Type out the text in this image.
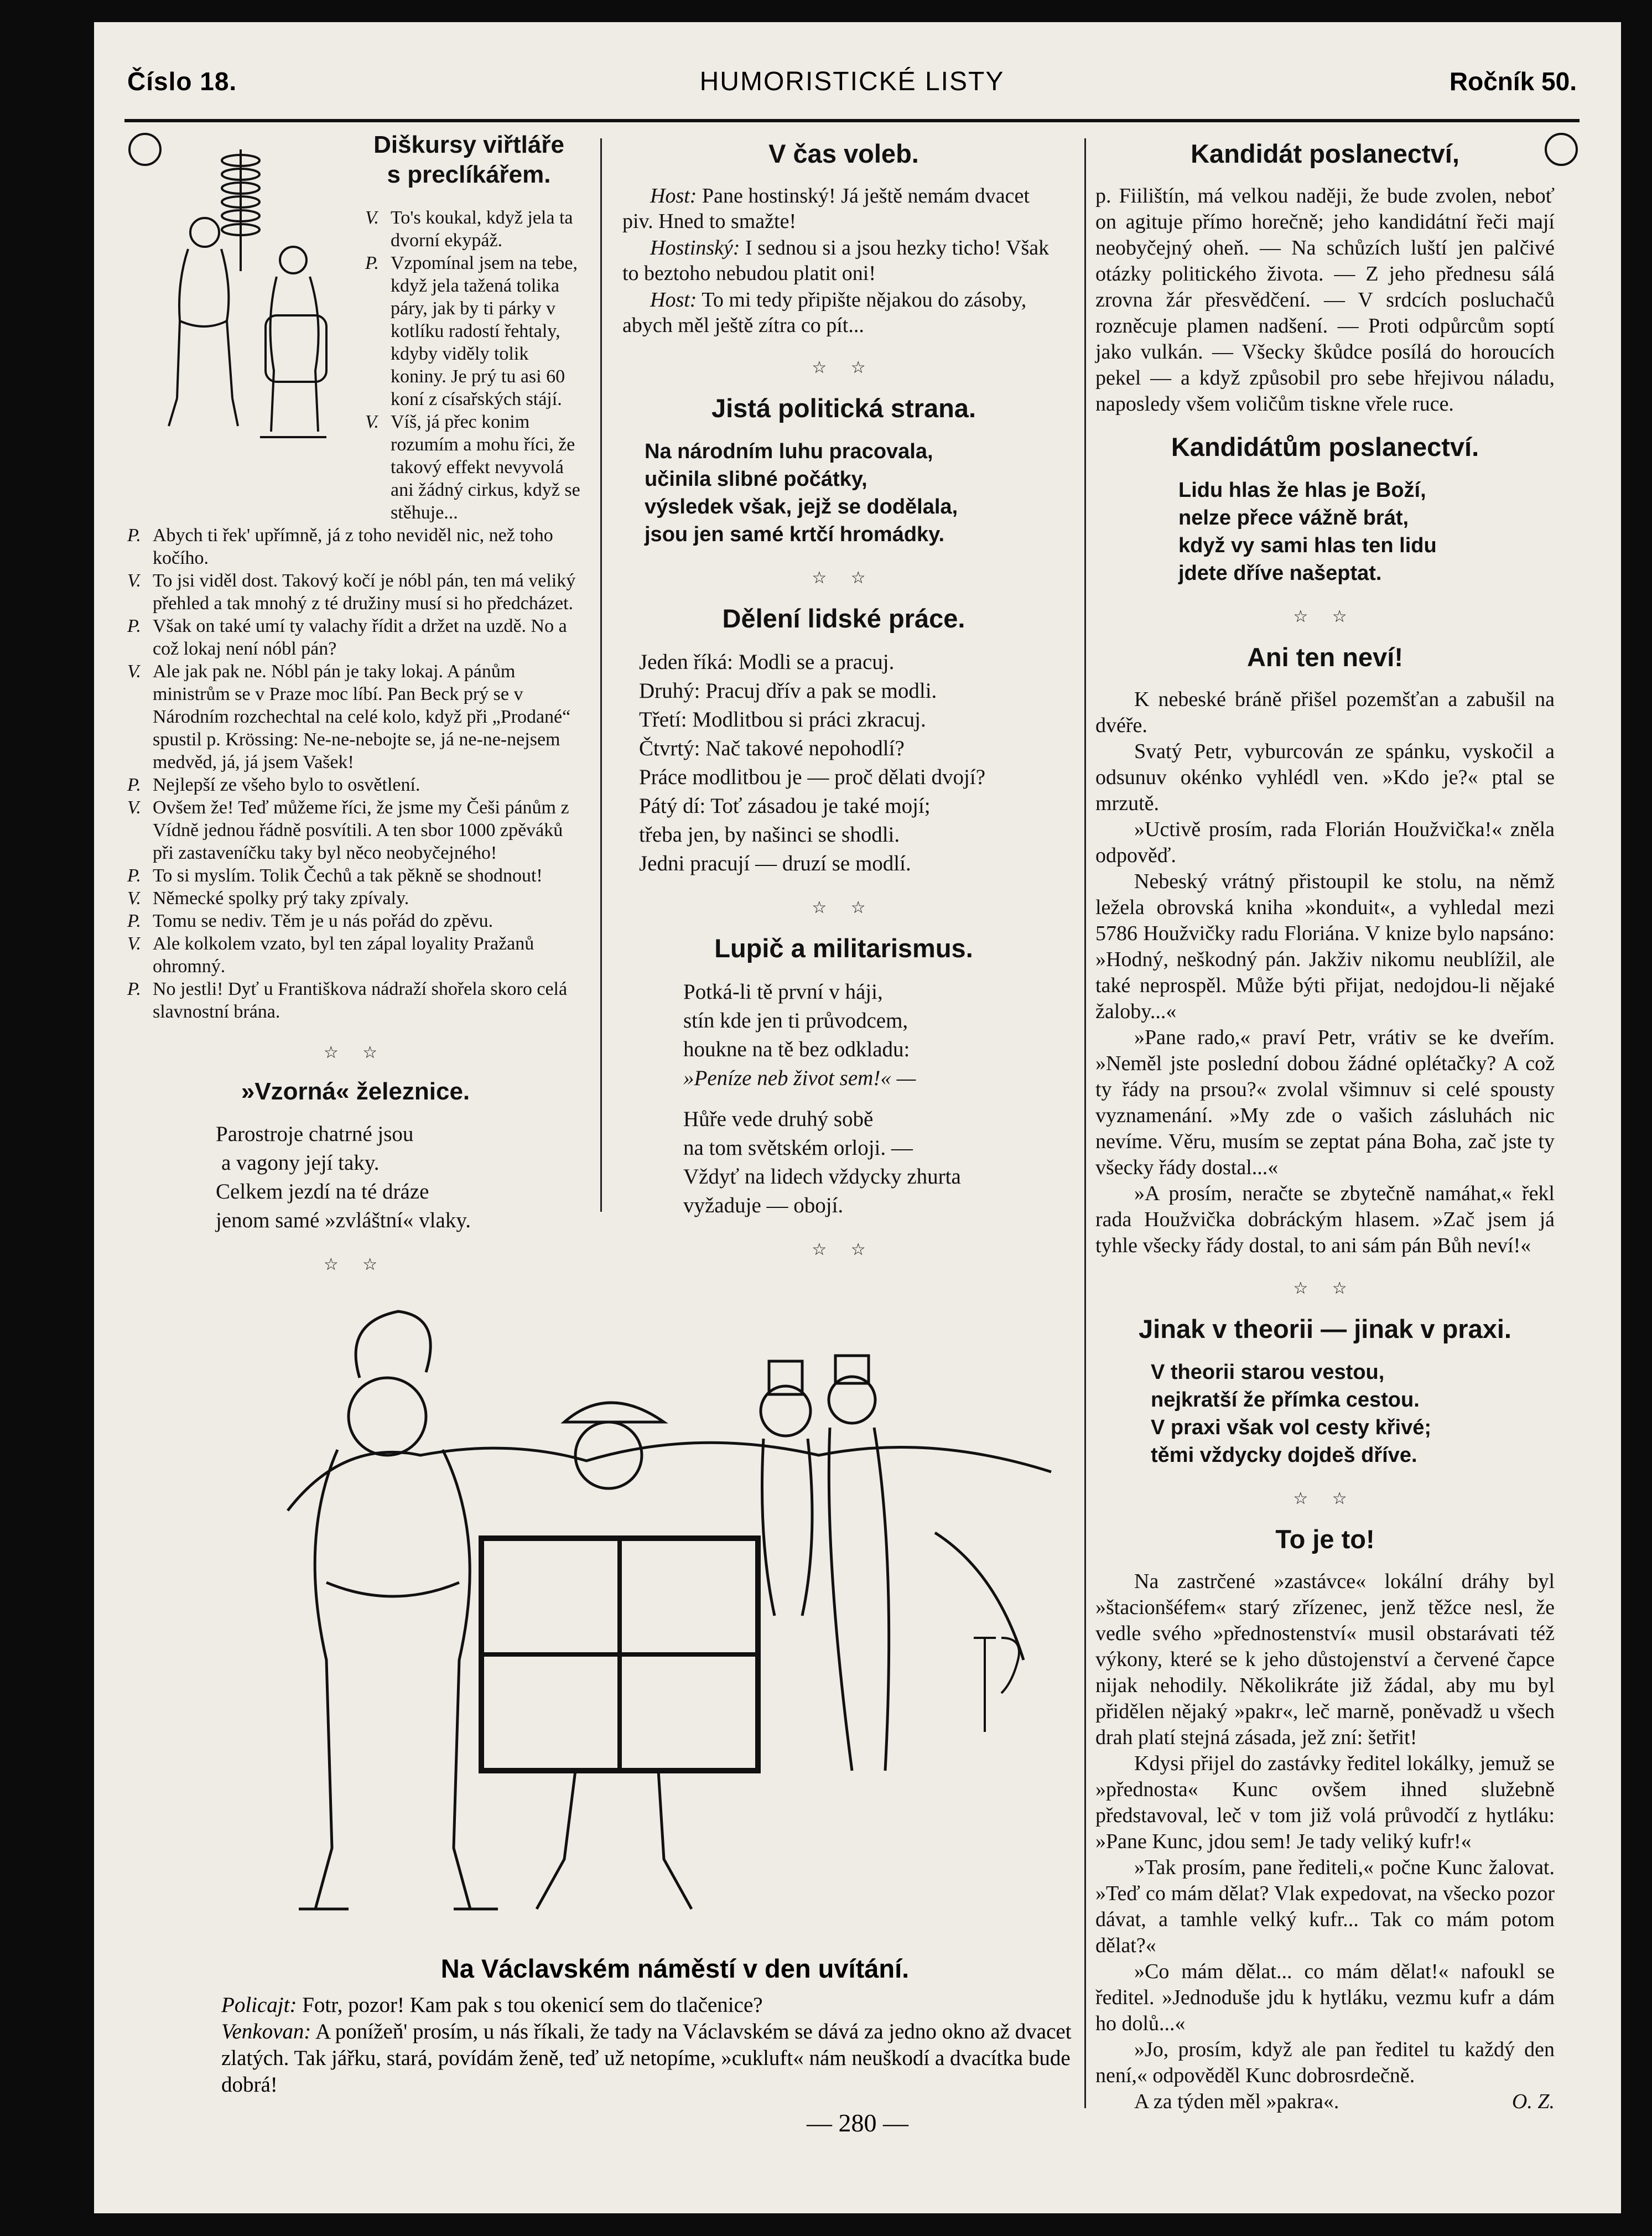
Číslo 18.	HUMORISTICKÉ LISTY	Ročník 50.
Diškursy viřtláře
s preclíkářem.
V. To's koukal, když jela ta dvorní ekypáž.
P. Vzpomínal jsem na tebe, když jela tažená tolika páry, jak by ti párky v kotlíku radostí řehtaly, kdyby viděly tolik koniny. Je prý tu asi 60 koní z císařských stájí.
V. Víš, já přec konim rozumím a mohu říci, že takový effekt nevyvolá ani žádný cirkus, když se stěhuje...
P. Abych ti řek' upřímně, já z toho neviděl nic, než toho kočího.
V. To jsi viděl dost. Takový kočí je nóbl pán, ten má veliký přehled a tak mnohý z té družiny musí si ho předcházet.
P. Však on také umí ty valachy řídit a držet na uzdě. No a což lokaj není nóbl pán?
V. Ale jak pak ne. Nóbl pán je taky lokaj. A pánům ministrům se v Praze moc líbí. Pan Beck prý se v Národním rozchechtal na celé kolo, když při „Prodané“ spustil p. Krössing: Ne-ne-nebojte se, já ne-ne-nejsem medvěd, já, já jsem Vašek!
P. Nejlepší ze všeho bylo to osvětlení.
V. Ovšem že! Teď můžeme říci, že jsme my Češi pánům z Vídně jednou řádně posvítili. A ten sbor 1000 zpěváků při zastaveníčku taky byl něco neobyčejného!
P. To si myslím. Tolik Čechů a tak pěkně se shodnout!
V. Německé spolky prý taky zpívaly.
P. Tomu se nediv. Těm je u nás pořád do zpěvu.
V. Ale kolkolem vzato, byl ten zápal loyality Pražanů ohromný.
P. No jestli! Dyť u Františkova nádraží shořela skoro celá slavnostní brána.
☆ ☆
»Vzorná« železnice.

Parostroje chatrné jsou

a vagony její taky.

Celkem jezdí na té dráze

jenom samé »zvláštní« vlaky.

☆ ☆
V čas voleb.

Host: Pane hostinský! Já ještě nemám dvacet piv. Hned to smažte!

Hostinský: I sednou si a jsou hezky ticho! Však to beztoho nebudou platit oni!

Host: To mi tedy připište nějakou do zásoby, abych měl ještě zítra co pít...

☆ ☆
Jistá politická strana.

Na národním luhu pracovala,

učinila slibné počátky,

výsledek však, jejž se dodělala,

jsou jen samé krtčí hromádky.

☆ ☆
Dělení lidské práce.

Jeden říká: Modli se a pracuj.

Druhý: Pracuj dřív a pak se modli.

Třetí: Modlitbou si práci zkracuj.

Čtvrtý: Nač takové nepohodlí?

Práce modlitbou je — proč dělati dvojí?

Pátý dí: Toť zásadou je také mojí;

třeba jen, by našinci se shodli.

Jedni pracují — druzí se modlí.

☆ ☆
Lupič a militarismus.

Potká-li tě první v háji,

stín kde jen ti průvodcem,

houkne na tě bez odkladu:

»Peníze neb život sem!« —

Hůře vede druhý sobě

na tom světském orloji. —

Vždyť na lidech vždycky zhurta

vyžaduje — obojí.

☆ ☆
Kandidát poslanectví,

p. Fiilištín, má velkou naději, že bude zvolen, neboť on agituje přímo horečně; jeho kandidátní řeči mají neobyčejný oheň. — Na schůzích luští jen palčivé otázky politického života. — Z jeho přednesu sálá zrovna žár přesvědčení. — V srdcích posluchačů rozněcuje plamen nadšení. — Proti odpůrcům soptí jako vulkán. — Všecky škůdce posílá do horoucích pekel — a když způsobil pro sebe hřejivou náladu, naposledy všem voličům tiskne vřele ruce.

Kandidátům poslanectví.

Lidu hlas že hlas je Boží,

nelze přece vážně brát,

když vy sami hlas ten lidu

jdete dříve našeptat.

☆ ☆
Ani ten neví!

K nebeské bráně přišel pozemšťan a zabušil na dvéře.

Svatý Petr, vyburcován ze spánku, vyskočil a odsunuv okénko vyhlédl ven. »Kdo je?« ptal se mrzutě.

»Uctivě prosím, rada Florián Houžvička!« zněla odpověď.

Nebeský vrátný přistoupil ke stolu, na němž ležela obrovská kniha »konduit«, a vyhledal mezi 5786 Houžvičky radu Floriána. V knize bylo napsáno: »Hodný, neškodný pán. Jakživ nikomu neublížil, ale také neprospěl. Může býti přijat, nedojdou-li nějaké žaloby...«

»Pane rado,« praví Petr, vrátiv se ke dveřím. »Neměl jste poslední dobou žádné oplétačky? A což ty řády na prsou?« zvolal všimnuv si celé spousty vyznamenání. »My zde o vašich zásluhách nic nevíme. Věru, musím se zeptat pána Boha, zač jste ty všecky řády dostal...«

»A prosím, neračte se zbytečně namáhat,« řekl rada Houžvička dobráckým hlasem. »Zač jsem já tyhle všecky řády dostal, to ani sám pán Bůh neví!«

☆ ☆
Jinak v theorii — jinak v praxi.

V theorii starou vestou,

nejkratší že přímka cestou.

V praxi však vol cesty křivé;

těmi vždycky dojdeš dříve.

☆ ☆
To je to!

Na zastrčené »zastávce« lokální dráhy byl »štacionšéfem« starý zřízenec, jenž těžce nesl, že vedle svého »přednostenství« musil obstarávati též výkony, které se k jeho důstojenství a červené čapce nijak nehodily. Několikráte již žádal, aby mu byl přidělen nějaký »pakr«, leč marně, poněvadž u všech drah platí stejná zásada, jež zní: šetřit!

Kdysi přijel do zastávky ředitel lokálky, jemuž se »přednosta« Kunc ovšem ihned služebně představoval, leč v tom již volá průvodčí z hytláku: »Pane Kunc, jdou sem! Je tady veliký kufr!«

»Tak prosím, pane řediteli,« počne Kunc žalovat. »Teď co mám dělat? Vlak expedovat, na všecko pozor dávat, a tamhle velký kufr... Tak co mám potom dělat?«

»Co mám dělat... co mám dělat!« nafoukl se ředitel. »Jednoduše jdu k hytláku, vezmu kufr a dám ho dolů...«

»Jo, prosím, když ale pan ředitel tu každý den není,« odpověděl Kunc dobrosrdečně.

A za týden měl »pakra«.	O. Z.

Na Václavském náměstí v den uvítání.

Policajt: Fotr, pozor! Kam pak s tou okenicí sem do tlačenice?

Venkovan: A ponížeň' prosím, u nás říkali, že tady na Václavském se dává za jedno okno až dvacet zlatých. Tak jářku, stará, povídám ženě, teď už netopíme, »cukluft« nám neuškodí a dvacítka bude dobrá!

— 280 —
